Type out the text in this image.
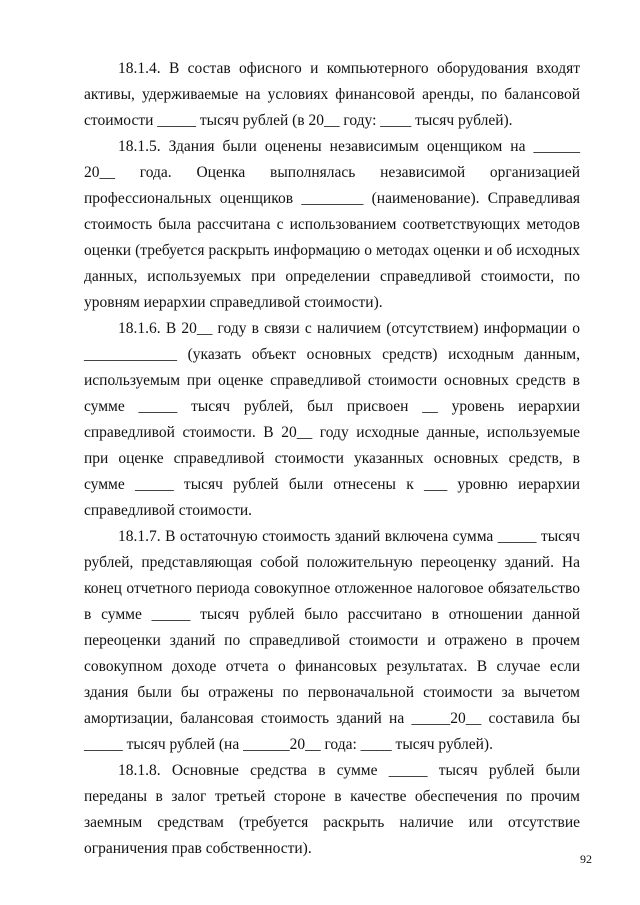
18.1.4. В состав офисного и компьютерного оборудования входят активы, удерживаемые на условиях финансовой аренды, по балансовой стоимости _____ тысяч рублей (в 20__ году: ____ тысяч рублей).

18.1.5. Здания были оценены независимым оценщиком на ______ 20__ года. Оценка выполнялась независимой организацией профессиональных оценщиков ________ (наименование). Справедливая стоимость была рассчитана с использованием соответствующих методов оценки (требуется раскрыть информацию о методах оценки и об исходных данных, используемых при определении справедливой стоимости, по уровням иерархии справедливой стоимости).

18.1.6. В 20__ году в связи с наличием (отсутствием) информации о ____________ (указать объект основных средств) исходным данным, используемым при оценке справедливой стоимости основных средств в сумме _____ тысяч рублей, был присвоен __ уровень иерархии справедливой стоимости. В 20__ году исходные данные, используемые при оценке справедливой стоимости указанных основных средств, в сумме _____ тысяч рублей были отнесены к ___ уровню иерархии справедливой стоимости.

18.1.7. В остаточную стоимость зданий включена сумма _____ тысяч рублей, представляющая собой положительную переоценку зданий. На конец отчетного периода совокупное отложенное налоговое обязательство в сумме _____ тысяч рублей было рассчитано в отношении данной переоценки зданий по справедливой стоимости и отражено в прочем совокупном доходе отчета о финансовых результатах. В случае если здания были бы отражены по первоначальной стоимости за вычетом амортизации, балансовая стоимость зданий на _____20__ составила бы _____ тысяч рублей (на ______20__ года: ____ тысяч рублей).

18.1.8. Основные средства в сумме _____ тысяч рублей были переданы в залог третьей стороне в качестве обеспечения по прочим заемным средствам (требуется раскрыть наличие или отсутствие ограничения прав собственности).

92
